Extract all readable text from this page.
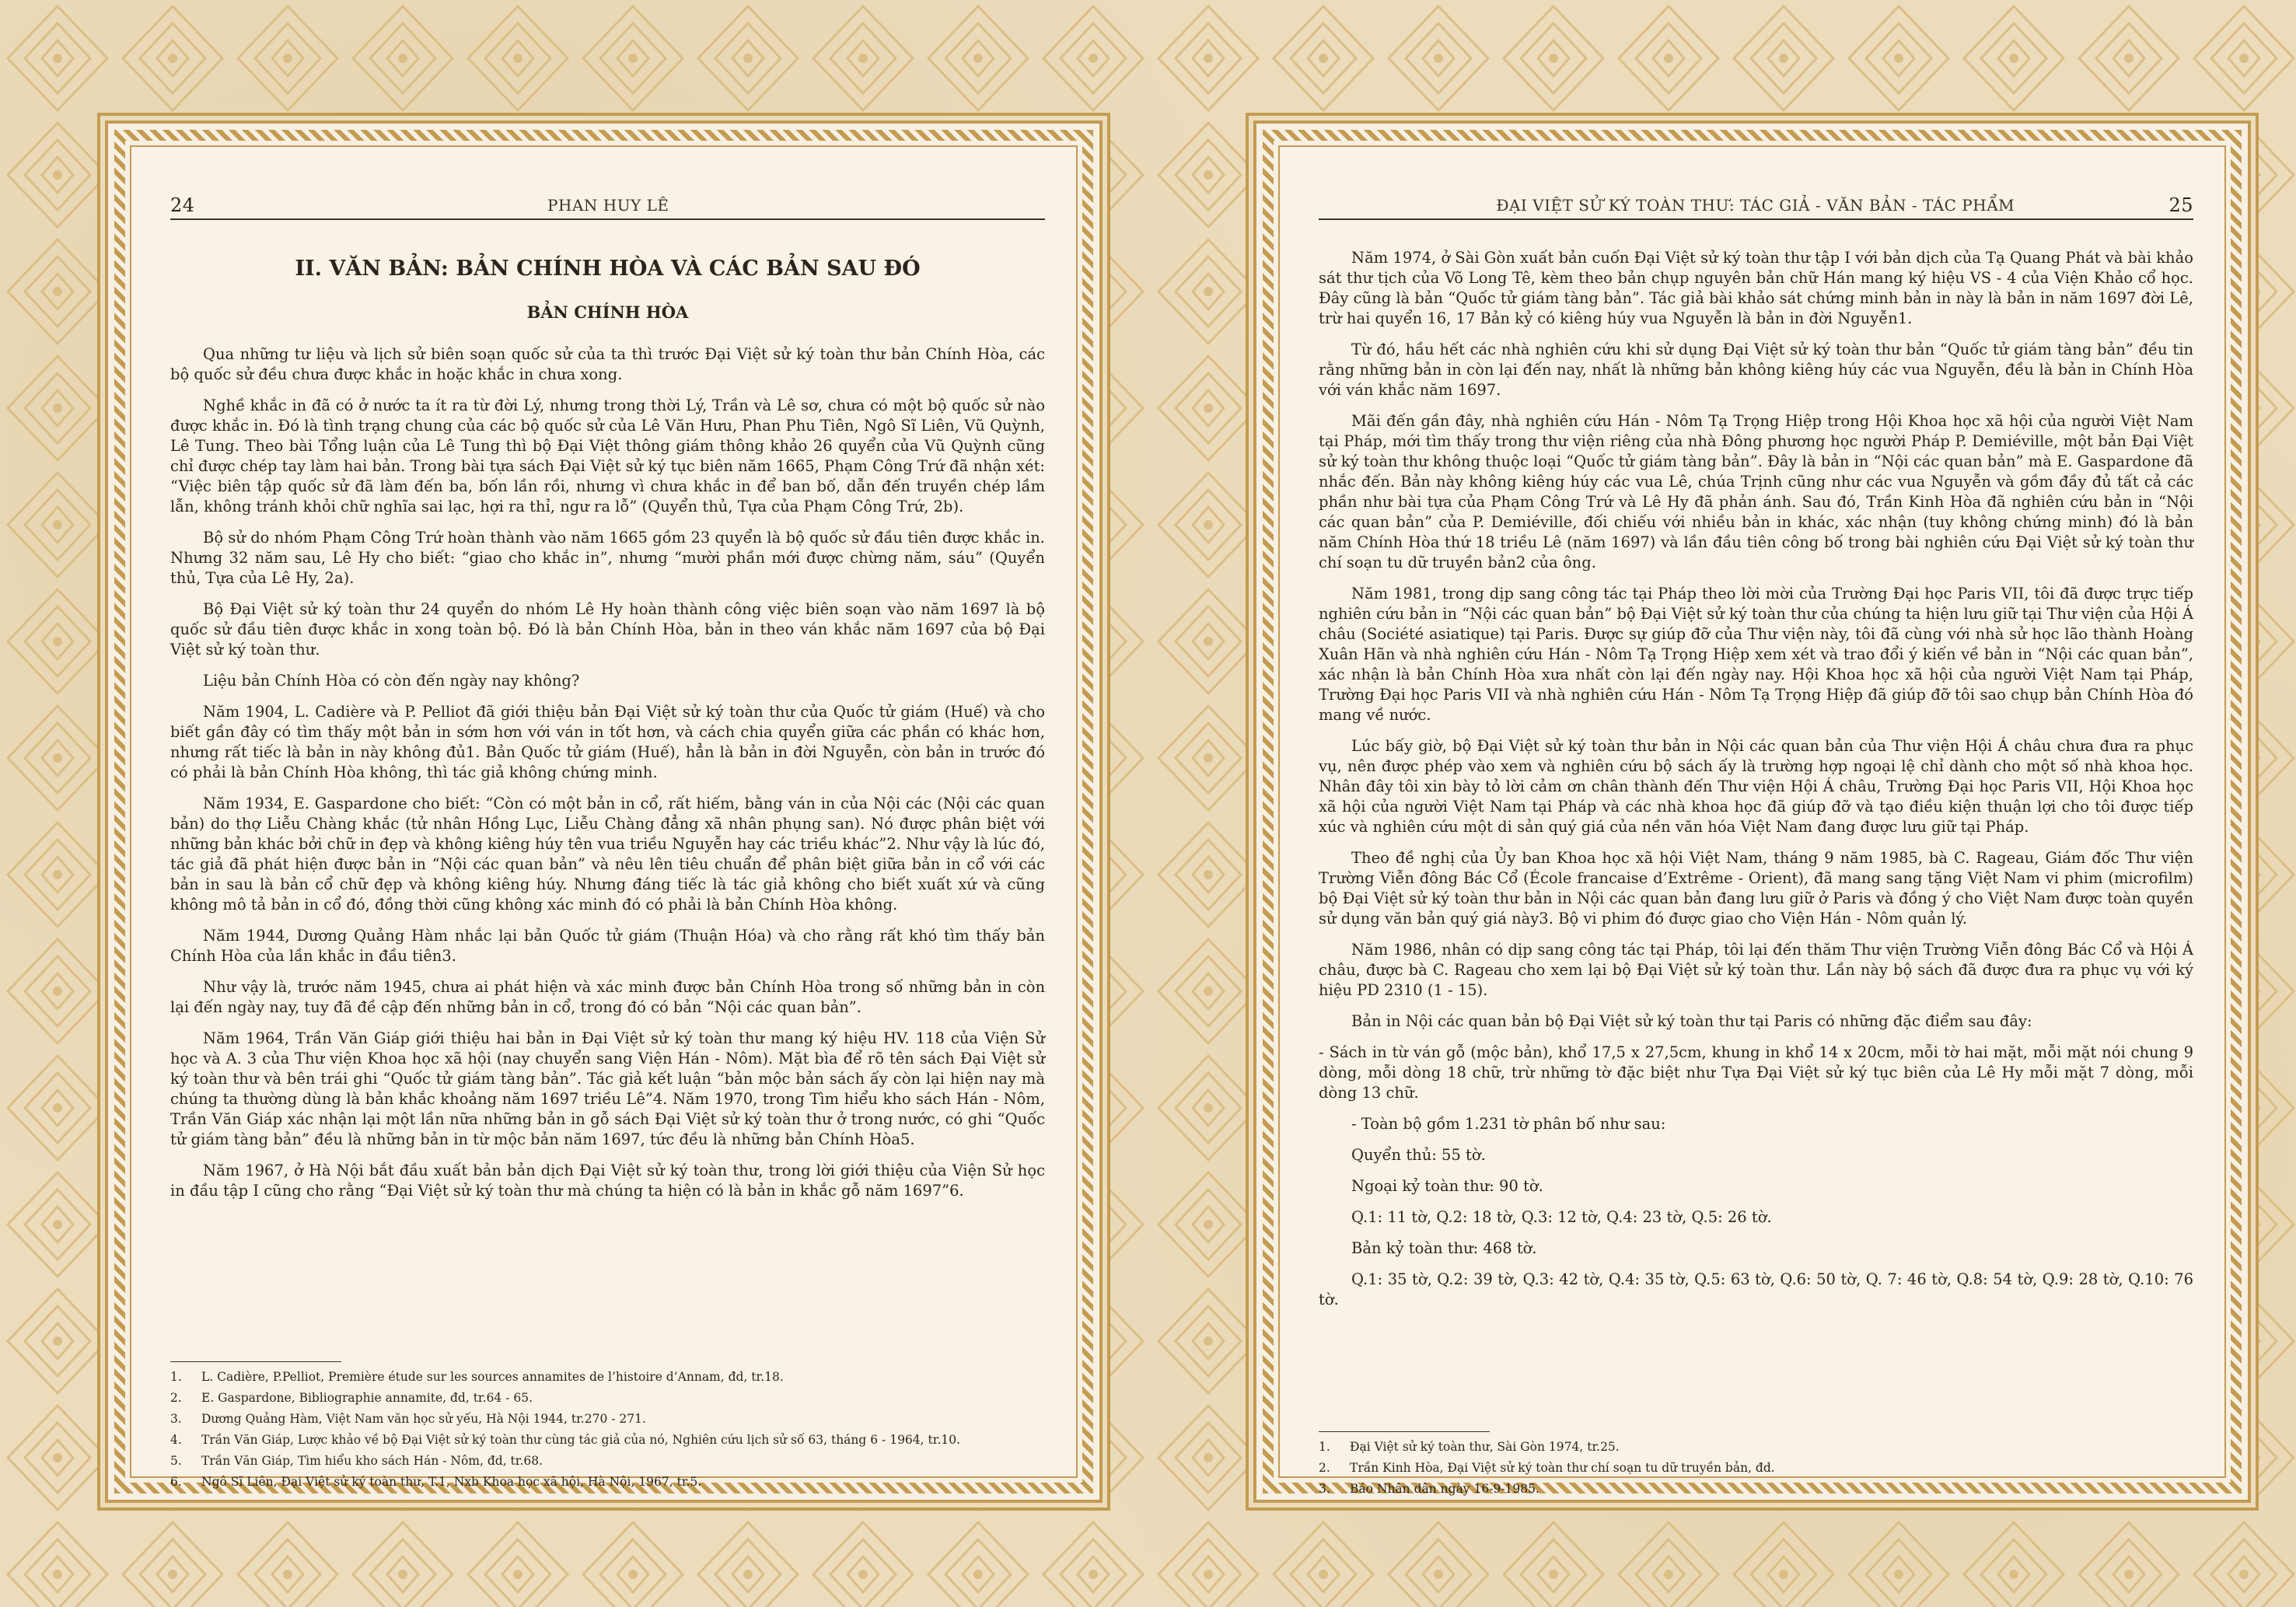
24	PHAN HUY LÊ
II. VĂN BẢN: BẢN CHÍNH HÒA VÀ CÁC BẢN SAU ĐÓ
BẢN CHÍNH HÒA

Qua những tư liệu và lịch sử biên soạn quốc sử của ta thì trước Đại Việt sử ký toàn thư bản Chính Hòa, các bộ quốc sử đều chưa được khắc in hoặc khắc in chưa xong.

Nghề khắc in đã có ở nước ta ít ra từ đời Lý, nhưng trong thời Lý, Trần và Lê sơ, chưa có một bộ quốc sử nào được khắc in. Đó là tình trạng chung của các bộ quốc sử của Lê Văn Hưu, Phan Phu Tiên, Ngô Sĩ Liên, Vũ Quỳnh, Lê Tung. Theo bài Tổng luận của Lê Tung thì bộ Đại Việt thông giám thông khảo 26 quyển của Vũ Quỳnh cũng chỉ được chép tay làm hai bản. Trong bài tựa sách Đại Việt sử ký tục biên năm 1665, Phạm Công Trứ đã nhận xét: “Việc biên tập quốc sử đã làm đến ba, bốn lần rồi, nhưng vì chưa khắc in để ban bố, dẫn đến truyền chép lầm lẫn, không tránh khỏi chữ nghĩa sai lạc, hợi ra thỉ, ngư ra lỗ” (Quyển thủ, Tựa của Phạm Công Trứ, 2b).

Bộ sử do nhóm Phạm Công Trứ hoàn thành vào năm 1665 gồm 23 quyển là bộ quốc sử đầu tiên được khắc in. Nhưng 32 năm sau, Lê Hy cho biết: “giao cho khắc in”, nhưng “mười phần mới được chừng năm, sáu” (Quyển thủ, Tựa của Lê Hy, 2a).

Bộ Đại Việt sử ký toàn thư 24 quyển do nhóm Lê Hy hoàn thành công việc biên soạn vào năm 1697 là bộ quốc sử đầu tiên được khắc in xong toàn bộ. Đó là bản Chính Hòa, bản in theo ván khắc năm 1697 của bộ Đại Việt sử ký toàn thư.

Liệu bản Chính Hòa có còn đến ngày nay không?

Năm 1904, L. Cadière và P. Pelliot đã giới thiệu bản Đại Việt sử ký toàn thư của Quốc tử giám (Huế) và cho biết gần đây có tìm thấy một bản in sớm hơn với ván in tốt hơn, và cách chia quyển giữa các phần có khác hơn, nhưng rất tiếc là bản in này không đủ1. Bản Quốc tử giám (Huế), hẳn là bản in đời Nguyễn, còn bản in trước đó có phải là bản Chính Hòa không, thì tác giả không chứng minh.

Năm 1934, E. Gaspardone cho biết: “Còn có một bản in cổ, rất hiếm, bằng ván in của Nội các (Nội các quan bản) do thợ Liễu Chàng khắc (tử nhân Hồng Lục, Liễu Chàng đẳng xã nhân phụng san). Nó được phân biệt với những bản khác bởi chữ in đẹp và không kiêng húy tên vua triều Nguyễn hay các triều khác”2. Như vậy là lúc đó, tác giả đã phát hiện được bản in “Nội các quan bản” và nêu lên tiêu chuẩn để phân biệt giữa bản in cổ với các bản in sau là bản cổ chữ đẹp và không kiêng húy. Nhưng đáng tiếc là tác giả không cho biết xuất xứ và cũng không mô tả bản in cổ đó, đồng thời cũng không xác minh đó có phải là bản Chính Hòa không.

Năm 1944, Dương Quảng Hàm nhắc lại bản Quốc tử giám (Thuận Hóa) và cho rằng rất khó tìm thấy bản Chính Hòa của lần khắc in đầu tiên3.

Như vậy là, trước năm 1945, chưa ai phát hiện và xác minh được bản Chính Hòa trong số những bản in còn lại đến ngày nay, tuy đã đề cập đến những bản in cổ, trong đó có bản “Nội các quan bản”.

Năm 1964, Trần Văn Giáp giới thiệu hai bản in Đại Việt sử ký toàn thư mang ký hiệu HV. 118 của Viện Sử học và A. 3 của Thư viện Khoa học xã hội (nay chuyển sang Viện Hán - Nôm). Mặt bìa để rõ tên sách Đại Việt sử ký toàn thư và bên trái ghi “Quốc tử giám tàng bản”. Tác giả kết luận “bản mộc bản sách ấy còn lại hiện nay mà chúng ta thường dùng là bản khắc khoảng năm 1697 triều Lê”4. Năm 1970, trong Tìm hiểu kho sách Hán - Nôm, Trần Văn Giáp xác nhận lại một lần nữa những bản in gỗ sách Đại Việt sử ký toàn thư ở trong nước, có ghi “Quốc tử giám tàng bản” đều là những bản in từ mộc bản năm 1697, tức đều là những bản Chính Hòa5.

Năm 1967, ở Hà Nội bắt đầu xuất bản bản dịch Đại Việt sử ký toàn thư, trong lời giới thiệu của Viện Sử học in đầu tập I cũng cho rằng “Đại Việt sử ký toàn thư mà chúng ta hiện có là bản in khắc gỗ năm 1697”6.

1.	L. Cadière, P.Pelliot, Première étude sur les sources annamites de l’histoire d’Annam, đd, tr.18.
2.	E. Gaspardone, Bibliographie annamite, đd, tr.64 - 65.
3.	Dương Quảng Hàm, Việt Nam văn học sử yếu, Hà Nội 1944, tr.270 - 271.
4.	Trần Văn Giáp, Lược khảo về bộ Đại Việt sử ký toàn thư cùng tác giả của nó, Nghiên cứu lịch sử số 63, tháng 6 - 1964, tr.10.
5.	Trần Văn Giáp, Tìm hiểu kho sách Hán - Nôm, đd, tr.68.
6.	Ngô Sĩ Liên, Đại Việt sử ký toàn thư, T.1, Nxb Khoa học xã hội, Hà Nội, 1967, tr.5.
ĐẠI VIỆT SỬ KÝ TOÀN THƯ: TÁC GIẢ - VĂN BẢN - TÁC PHẨM	25

Năm 1974, ở Sài Gòn xuất bản cuốn Đại Việt sử ký toàn thư tập I với bản dịch của Tạ Quang Phát và bài khảo sát thư tịch của Võ Long Tê, kèm theo bản chụp nguyên bản chữ Hán mang ký hiệu VS - 4 của Viện Khảo cổ học. Đây cũng là bản “Quốc tử giám tàng bản”. Tác giả bài khảo sát chứng minh bản in này là bản in năm 1697 đời Lê, trừ hai quyển 16, 17 Bản kỷ có kiêng húy vua Nguyễn là bản in đời Nguyễn1.

Từ đó, hầu hết các nhà nghiên cứu khi sử dụng Đại Việt sử ký toàn thư bản “Quốc tử giám tàng bản” đều tin rằng những bản in còn lại đến nay, nhất là những bản không kiêng húy các vua Nguyễn, đều là bản in Chính Hòa với ván khắc năm 1697.

Mãi đến gần đây, nhà nghiên cứu Hán - Nôm Tạ Trọng Hiệp trong Hội Khoa học xã hội của người Việt Nam tại Pháp, mới tìm thấy trong thư viện riêng của nhà Đông phương học người Pháp P. Demiéville, một bản Đại Việt sử ký toàn thư không thuộc loại “Quốc tử giám tàng bản”. Đây là bản in “Nội các quan bản” mà E. Gaspardone đã nhắc đến. Bản này không kiêng húy các vua Lê, chúa Trịnh cũng như các vua Nguyễn và gồm đầy đủ tất cả các phần như bài tựa của Phạm Công Trứ và Lê Hy đã phản ánh. Sau đó, Trần Kinh Hòa đã nghiên cứu bản in “Nội các quan bản” của P. Demiéville, đối chiếu với nhiều bản in khác, xác nhận (tuy không chứng minh) đó là bản năm Chính Hòa thứ 18 triều Lê (năm 1697) và lần đầu tiên công bố trong bài nghiên cứu Đại Việt sử ký toàn thư chí soạn tu dữ truyền bản2 của ông.

Năm 1981, trong dịp sang công tác tại Pháp theo lời mời của Trường Đại học Paris VII, tôi đã được trực tiếp nghiên cứu bản in “Nội các quan bản” bộ Đại Việt sử ký toàn thư của chúng ta hiện lưu giữ tại Thư viện của Hội Á châu (Société asiatique) tại Paris. Được sự giúp đỡ của Thư viện này, tôi đã cùng với nhà sử học lão thành Hoàng Xuân Hãn và nhà nghiên cứu Hán - Nôm Tạ Trọng Hiệp xem xét và trao đổi ý kiến về bản in “Nội các quan bản”, xác nhận là bản Chính Hòa xưa nhất còn lại đến ngày nay. Hội Khoa học xã hội của người Việt Nam tại Pháp, Trường Đại học Paris VII và nhà nghiên cứu Hán - Nôm Tạ Trọng Hiệp đã giúp đỡ tôi sao chụp bản Chính Hòa đó mang về nước.

Lúc bấy giờ, bộ Đại Việt sử ký toàn thư bản in Nội các quan bản của Thư viện Hội Á châu chưa đưa ra phục vụ, nên được phép vào xem và nghiên cứu bộ sách ấy là trường hợp ngoại lệ chỉ dành cho một số nhà khoa học. Nhân đây tôi xin bày tỏ lời cảm ơn chân thành đến Thư viện Hội Á châu, Trường Đại học Paris VII, Hội Khoa học xã hội của người Việt Nam tại Pháp và các nhà khoa học đã giúp đỡ và tạo điều kiện thuận lợi cho tôi được tiếp xúc và nghiên cứu một di sản quý giá của nền văn hóa Việt Nam đang được lưu giữ tại Pháp.

Theo đề nghị của Ủy ban Khoa học xã hội Việt Nam, tháng 9 năm 1985, bà C. Rageau, Giám đốc Thư viện Trường Viễn đông Bác Cổ (École francaise d’Extrême - Orient), đã mang sang tặng Việt Nam vi phim (microfilm) bộ Đại Việt sử ký toàn thư bản in Nội các quan bản đang lưu giữ ở Paris và đồng ý cho Việt Nam được toàn quyền sử dụng văn bản quý giá này3. Bộ vi phim đó được giao cho Viện Hán - Nôm quản lý.

Năm 1986, nhân có dịp sang công tác tại Pháp, tôi lại đến thăm Thư viện Trường Viễn đông Bác Cổ và Hội Á châu, được bà C. Rageau cho xem lại bộ Đại Việt sử ký toàn thư. Lần này bộ sách đã được đưa ra phục vụ với ký hiệu PD 2310 (1 - 15).

Bản in Nội các quan bản bộ Đại Việt sử ký toàn thư tại Paris có những đặc điểm sau đây:

- Sách in từ ván gỗ (mộc bản), khổ 17,5 x 27,5cm, khung in khổ 14 x 20cm, mỗi tờ hai mặt, mỗi mặt nói chung 9 dòng, mỗi dòng 18 chữ, trừ những tờ đặc biệt như Tựa Đại Việt sử ký tục biên của Lê Hy mỗi mặt 7 dòng, mỗi dòng 13 chữ.

- Toàn bộ gồm 1.231 tờ phân bố như sau:

Quyển thủ: 55 tờ.

Ngoại kỷ toàn thư: 90 tờ.

Q.1: 11 tờ, Q.2: 18 tờ, Q.3: 12 tờ, Q.4: 23 tờ, Q.5: 26 tờ.

Bản kỷ toàn thư: 468 tờ.

Q.1: 35 tờ, Q.2: 39 tờ, Q.3: 42 tờ, Q.4: 35 tờ, Q.5: 63 tờ, Q.6: 50 tờ, Q. 7: 46 tờ, Q.8: 54 tờ, Q.9: 28 tờ, Q.10: 76 tờ.

1.	Đại Việt sử ký toàn thư, Sài Gòn 1974, tr.25.
2.	Trần Kinh Hòa, Đại Việt sử ký toàn thư chí soạn tu dữ truyền bản, đd.
3.	Báo Nhân dân ngày 16-9-1985.
